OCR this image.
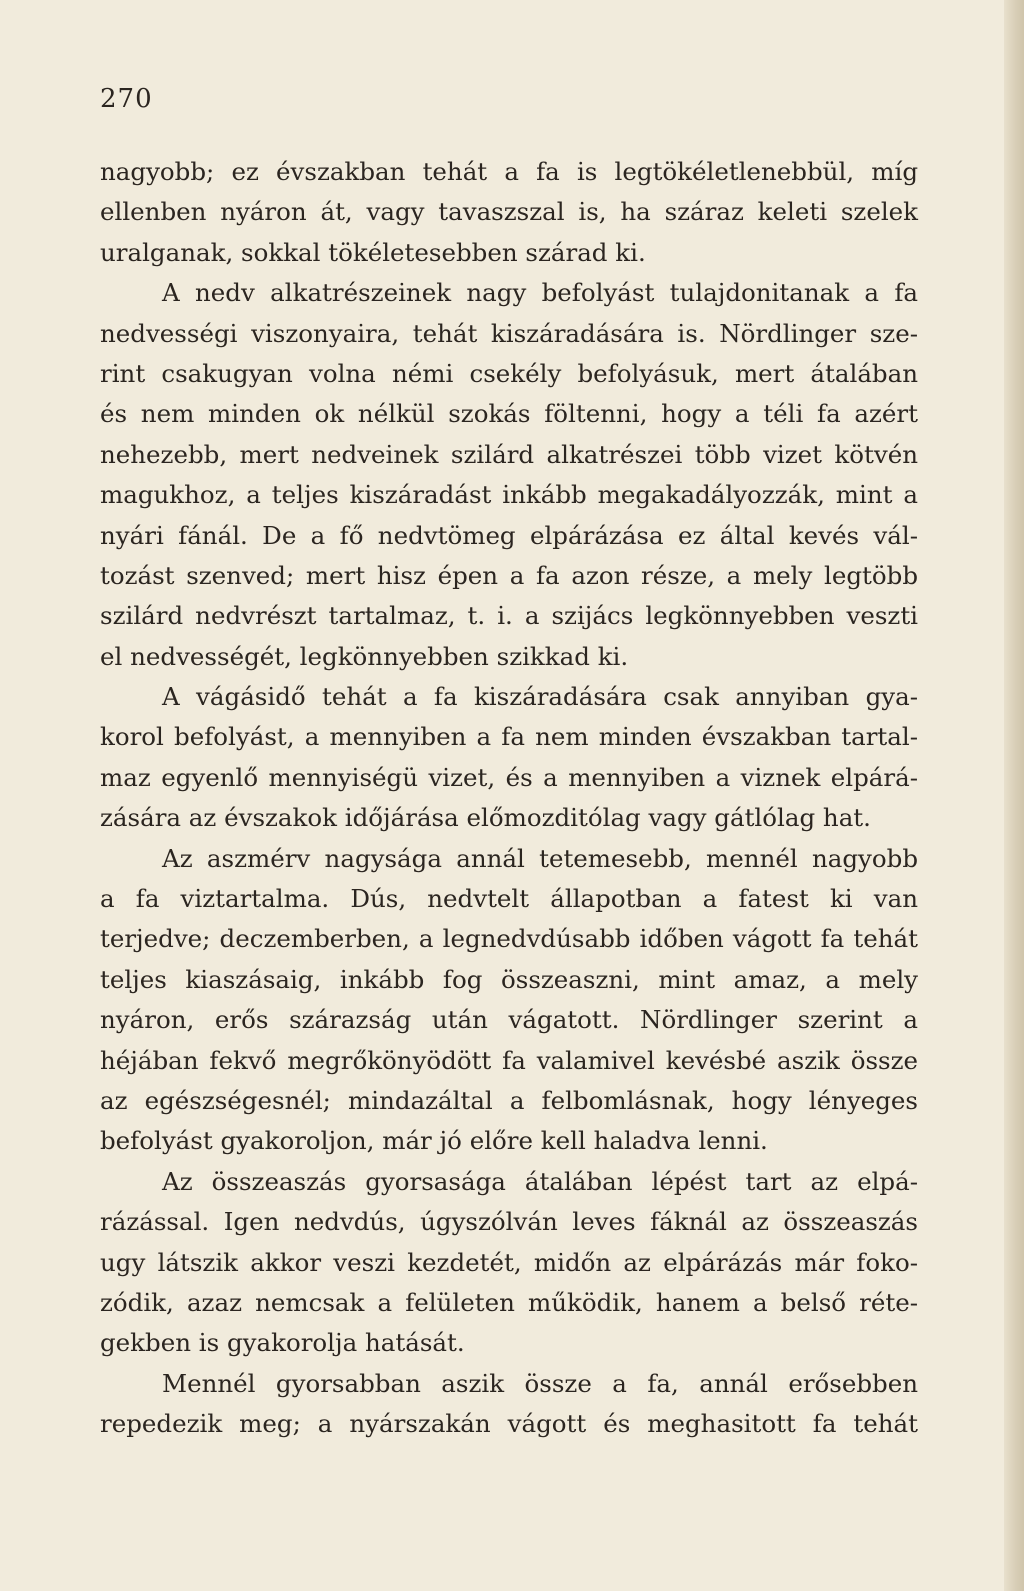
270
nagyobb; ez évszakban tehát a fa is legtökéletlenebbül, míg
ellenben nyáron át, vagy tavaszszal is, ha száraz keleti szelek
uralganak, sokkal tökéletesebben szárad ki.
A nedv alkatrészeinek nagy befolyást tulajdonitanak a fa
nedvességi viszonyaira, tehát kiszáradására is. Nördlinger sze-
rint csakugyan volna némi csekély befolyásuk, mert átalában
és nem minden ok nélkül szokás föltenni, hogy a téli fa azért
nehezebb, mert nedveinek szilárd alkatrészei több vizet kötvén
magukhoz, a teljes kiszáradást inkább megakadályozzák, mint a
nyári fánál. De a fő nedvtömeg elpárázása ez által kevés vál-
tozást szenved; mert hisz épen a fa azon része, a mely legtöbb
szilárd nedvrészt tartalmaz, t. i. a szijács legkönnyebben veszti
el nedvességét, legkönnyebben szikkad ki.
A vágásidő tehát a fa kiszáradására csak annyiban gya-
korol befolyást, a mennyiben a fa nem minden évszakban tartal-
maz egyenlő mennyiségü vizet, és a mennyiben a viznek elpárá-
zására az évszakok időjárása előmozditólag vagy gátlólag hat.
Az aszmérv nagysága annál tetemesebb, mennél nagyobb
a fa viztartalma. Dús, nedvtelt állapotban a fatest ki van
terjedve; deczemberben, a legnedvdúsabb időben vágott fa tehát
teljes kiaszásaig, inkább fog összeaszni, mint amaz, a mely
nyáron, erős szárazság után vágatott. Nördlinger szerint a
héjában fekvő megrőkönyödött fa valamivel kevésbé aszik össze
az egészségesnél; mindazáltal a felbomlásnak, hogy lényeges
befolyást gyakoroljon, már jó előre kell haladva lenni.
Az összeaszás gyorsasága átalában lépést tart az elpá-
rázással. Igen nedvdús, úgyszólván leves fáknál az összeaszás
ugy látszik akkor veszi kezdetét, midőn az elpárázás már foko-
zódik, azaz nemcsak a felületen működik, hanem a belső réte-
gekben is gyakorolja hatását.
Mennél gyorsabban aszik össze a fa, annál erősebben
repedezik meg; a nyárszakán vágott és meghasitott fa tehát
